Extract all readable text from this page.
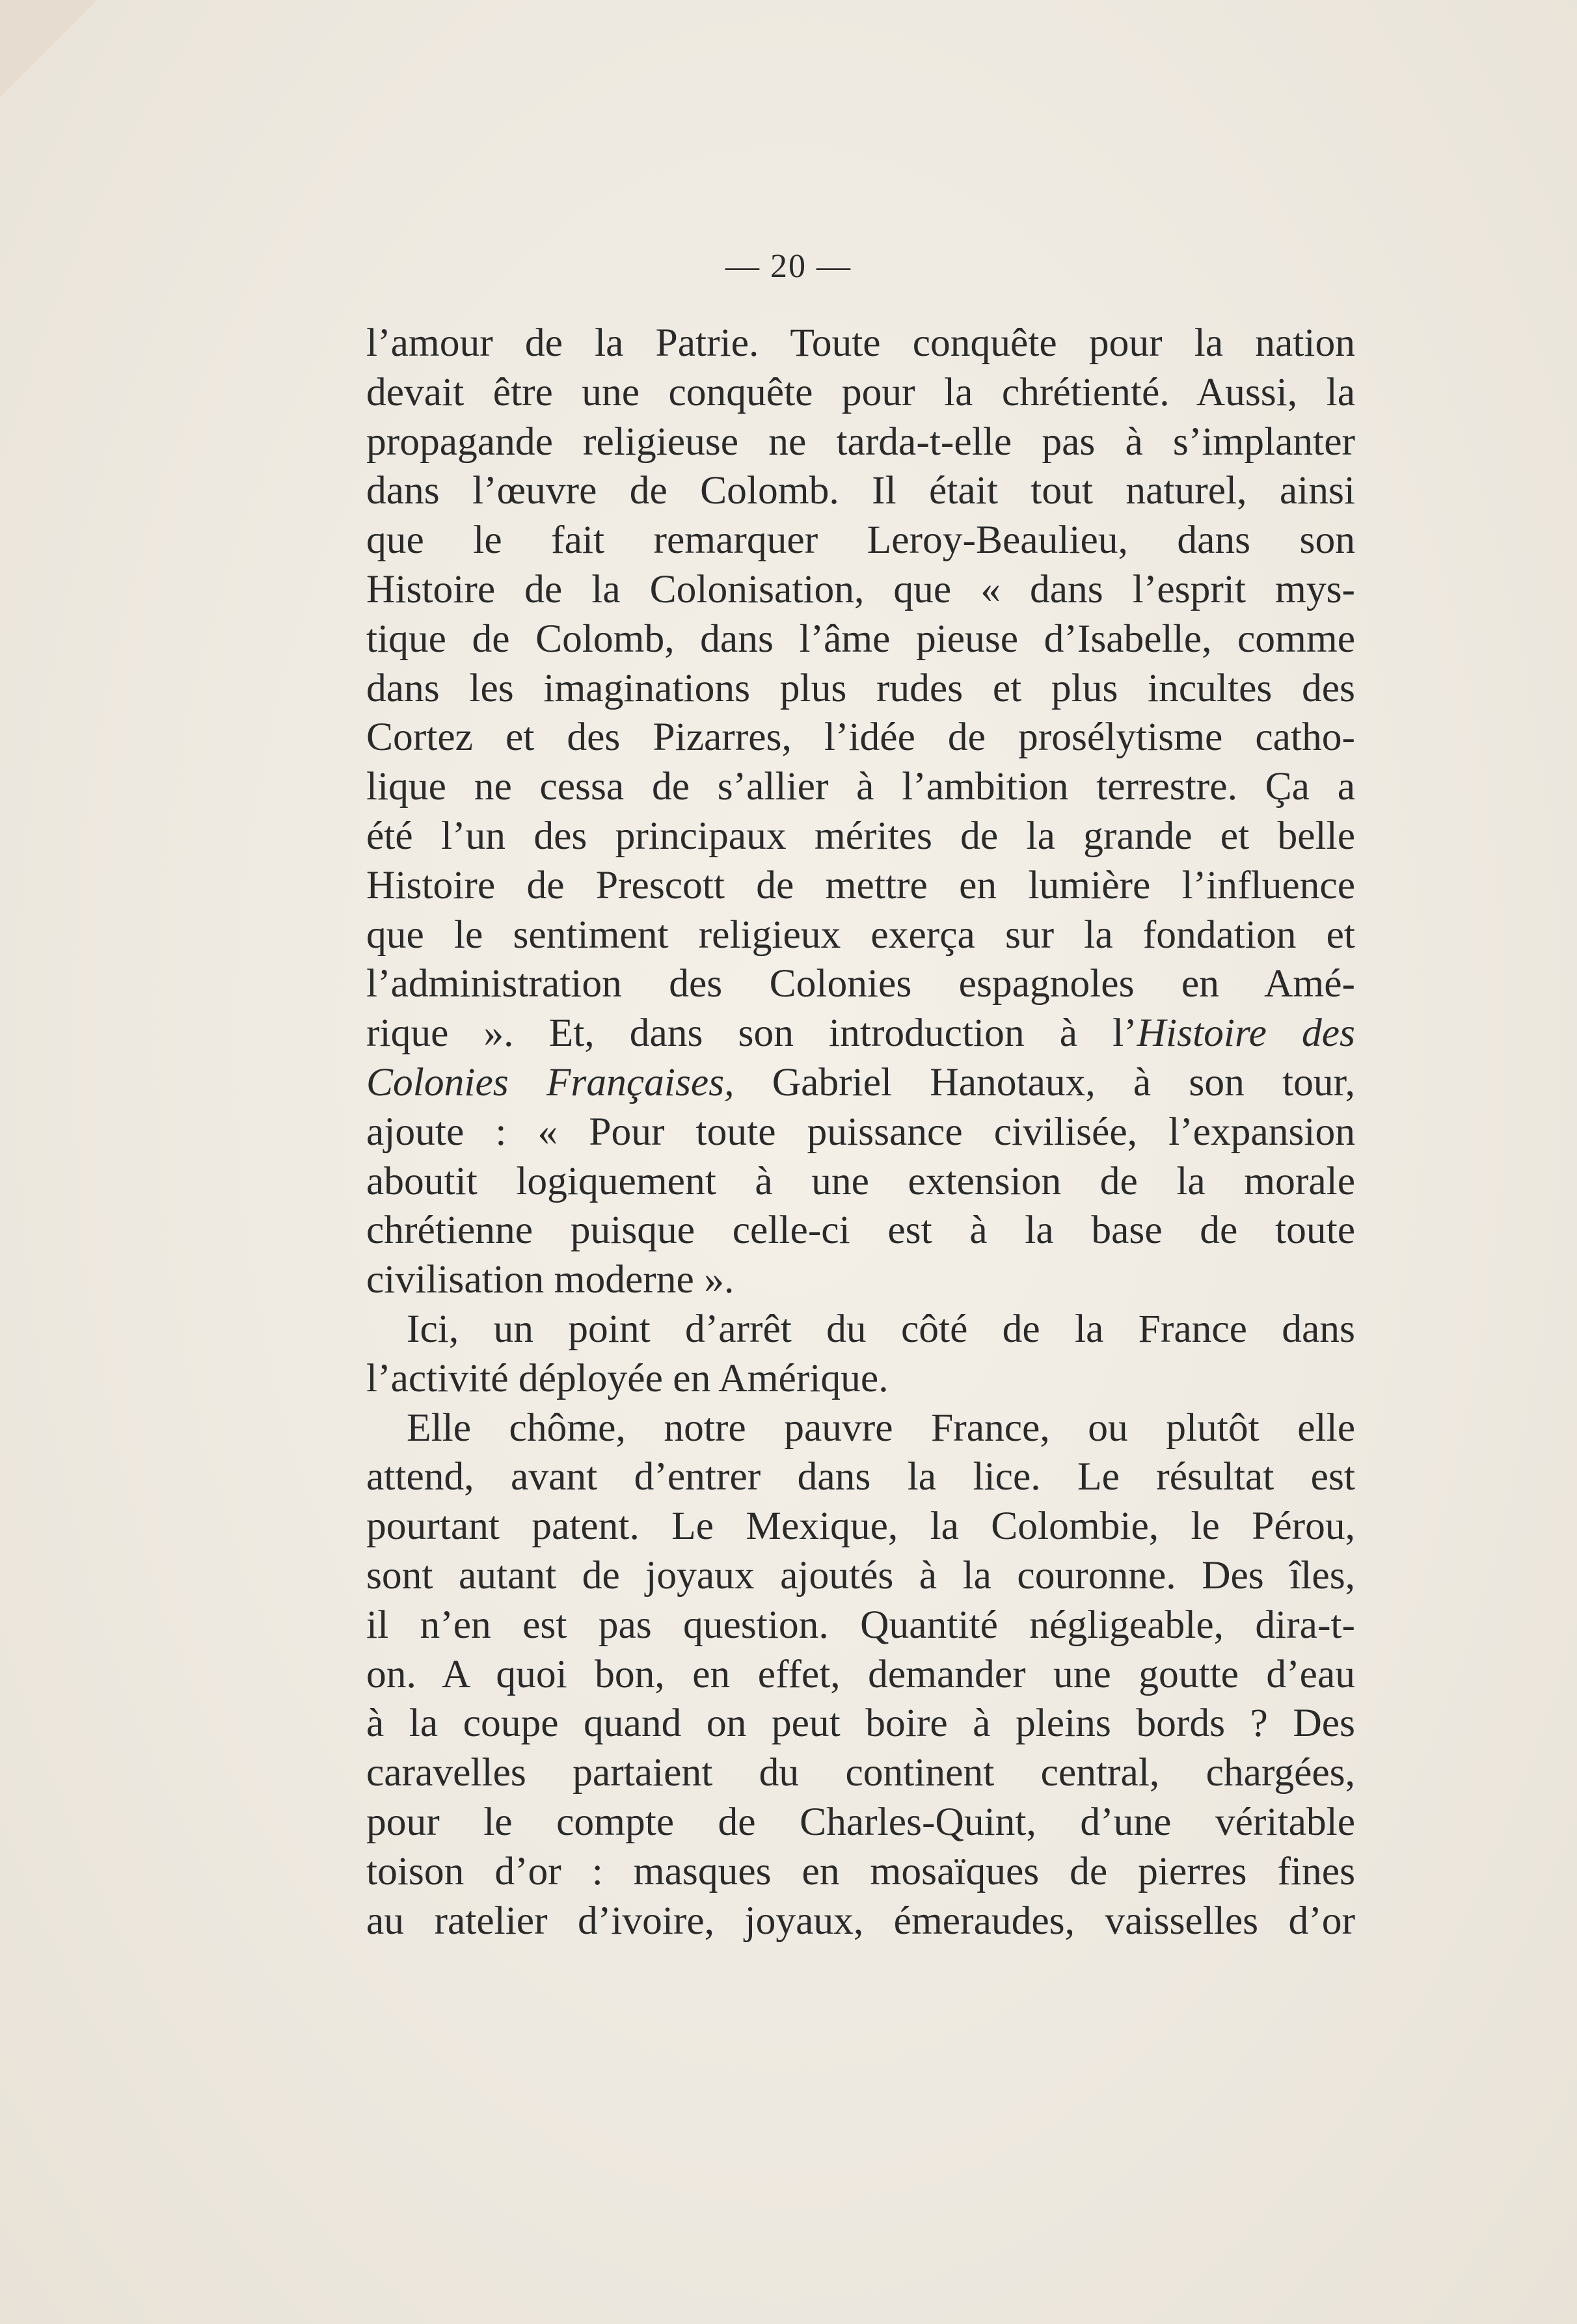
— 20 —

l’amour de la Patrie. Toute conquête pour la nation
devait être une conquête pour la chrétienté. Aussi, la
propagande religieuse ne tarda-t-elle pas à s’implanter
dans l’œuvre de Colomb. Il était tout naturel, ainsi
que le fait remarquer Leroy-Beaulieu, dans son
Histoire de la Colonisation, que « dans l’esprit mys-
tique de Colomb, dans l’âme pieuse d’Isabelle, comme
dans les imaginations plus rudes et plus incultes des
Cortez et des Pizarres, l’idée de prosélytisme catho-
lique ne cessa de s’allier à l’ambition terrestre. Ça a
été l’un des principaux mérites de la grande et belle
Histoire de Prescott de mettre en lumière l’influence
que le sentiment religieux exerça sur la fondation et
l’administration des Colonies espagnoles en Amé-
rique ». Et, dans son introduction à l’Histoire des
Colonies Françaises, Gabriel Hanotaux, à son tour,
ajoute : « Pour toute puissance civilisée, l’expansion
aboutit logiquement à une extension de la morale
chrétienne puisque celle-ci est à la base de toute
civilisation moderne ».

Ici, un point d’arrêt du côté de la France dans
l’activité déployée en Amérique.

Elle chôme, notre pauvre France, ou plutôt elle
attend, avant d’entrer dans la lice. Le résultat est
pourtant patent. Le Mexique, la Colombie, le Pérou,
sont autant de joyaux ajoutés à la couronne. Des îles,
il n’en est pas question. Quantité négligeable, dira-t-
on. A quoi bon, en effet, demander une goutte d’eau
à la coupe quand on peut boire à pleins bords ? Des
caravelles partaient du continent central, chargées,
pour le compte de Charles-Quint, d’une véritable
toison d’or : masques en mosaïques de pierres fines
au ratelier d’ivoire, joyaux, émeraudes, vaisselles d’or
